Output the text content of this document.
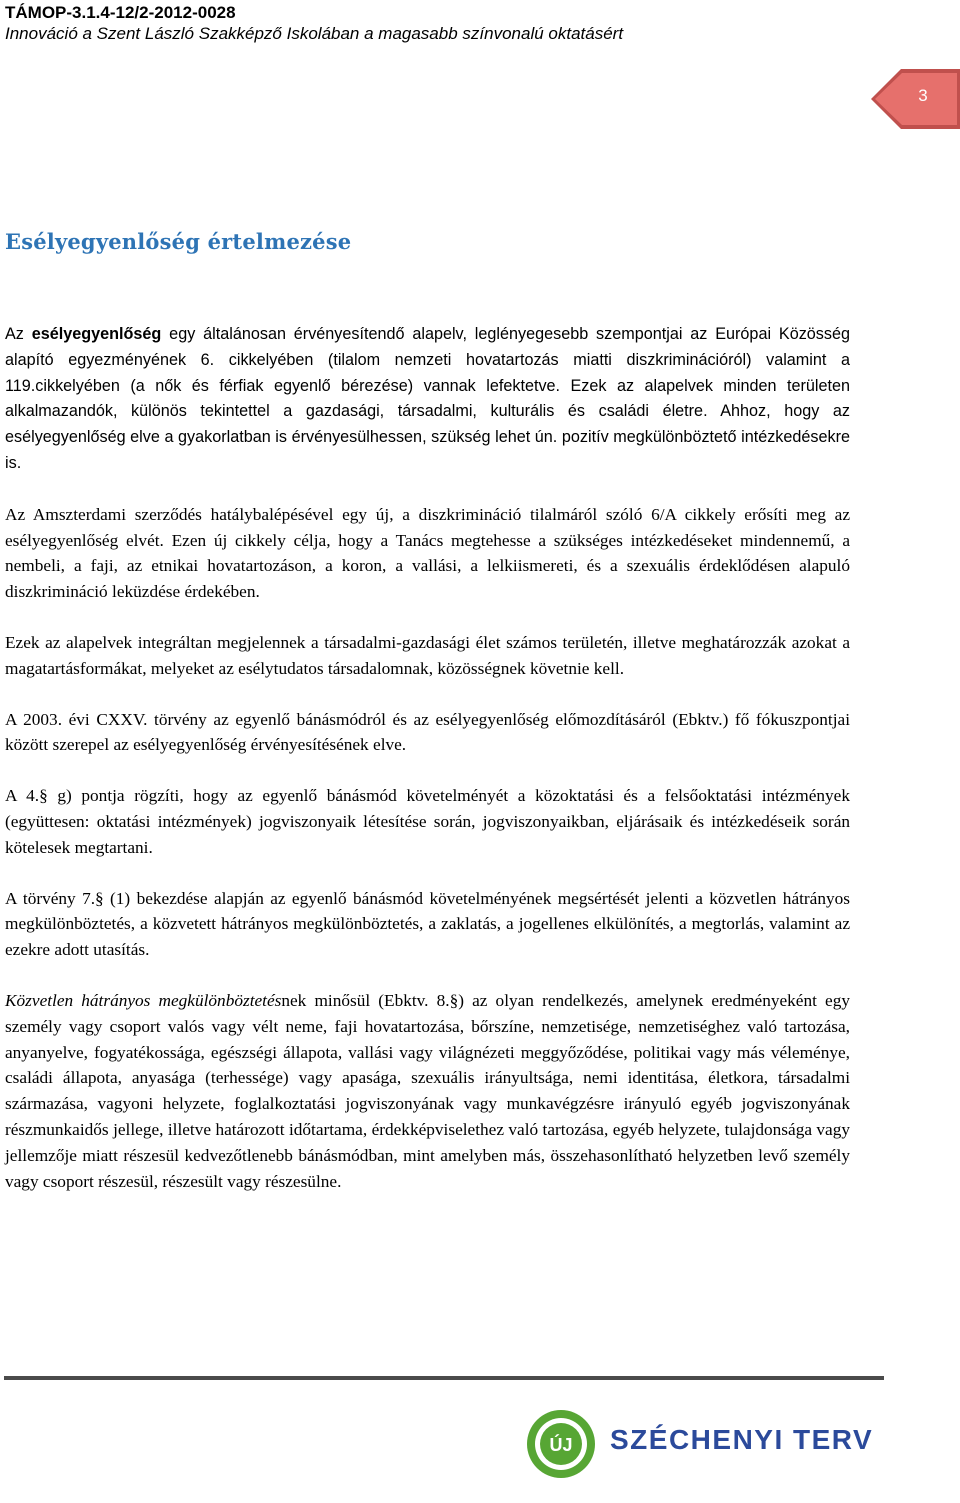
TÁMOP-3.1.4-12/2-2012-0028
Innováció a Szent László Szakképző Iskolában a magasabb színvonalú oktatásért
3
Esélyegyenlőség értelmezése

Az esélyegyenlőség egy általánosan érvényesítendő alapelv, leglényegesebb szempontjai az Európai Közösség alapító egyezményének 6. cikkelyében (tilalom nemzeti hovatartozás miatti diszkriminációról) valamint a 119.cikkelyében (a nők és férfiak egyenlő bérezése) vannak lefektetve. Ezek az alapelvek minden területen alkalmazandók, különös tekintettel a gazdasági, társadalmi, kulturális és családi életre. Ahhoz, hogy az esélyegyenlőség elve a gyakorlatban is érvényesülhessen, szükség lehet ún. pozitív megkülönböztető intézkedésekre is.

Az Amszterdami szerződés hatálybalépésével egy új, a diszkrimináció tilalmáról szóló 6/A cikkely erősíti meg az esélyegyenlőség elvét. Ezen új cikkely célja, hogy a Tanács megtehesse a szükséges intézkedéseket mindennemű, a nembeli, a faji, az etnikai hovatartozáson, a koron, a vallási, a lelkiismereti, és a szexuális érdeklődésen alapuló diszkrimináció leküzdése érdekében.

Ezek az alapelvek integráltan megjelennek a társadalmi-gazdasági élet számos területén, illetve meghatározzák azokat a magatartásformákat, melyeket az esélytudatos társadalomnak, közösségnek követnie kell.

A 2003. évi CXXV. törvény az egyenlő bánásmódról és az esélyegyenlőség előmozdításáról (Ebktv.) fő fókuszpontjai között szerepel az esélyegyenlőség érvényesítésének elve.

A 4.§ g) pontja rögzíti, hogy az egyenlő bánásmód követelményét a közoktatási és a felsőoktatási intézmények (együttesen: oktatási intézmények) jogviszonyaik létesítése során, jogviszonyaikban, eljárásaik és intézkedéseik során kötelesek megtartani.

A törvény 7.§ (1) bekezdése alapján az egyenlő bánásmód követelményének megsértését jelenti a közvetlen hátrányos megkülönböztetés, a közvetett hátrányos megkülönböztetés, a zaklatás, a jogellenes elkülönítés, a megtorlás, valamint az ezekre adott utasítás.

Közvetlen hátrányos megkülönböztetésnek minősül (Ebktv. 8.§) az olyan rendelkezés, amelynek eredményeként egy személy vagy csoport valós vagy vélt neme, faji hovatartozása, bőrszíne, nemzetisége, nemzetiséghez való tartozása, anyanyelve, fogyatékossága, egészségi állapota, vallási vagy világnézeti meggyőződése, politikai vagy más véleménye, családi állapota, anyasága (terhessége) vagy apasága, szexuális irányultsága, nemi identitása, életkora, társadalmi származása, vagyoni helyzete, foglalkoztatási jogviszonyának vagy munkavégzésre irányuló egyéb jogviszonyának részmunkaidős jellege, illetve határozott időtartama, érdekképviselethez való tartozása, egyéb helyzete, tulajdonsága vagy jellemzője miatt részesül kedvezőtlenebb bánásmódban, mint amelyben más, összehasonlítható helyzetben levő személy vagy csoport részesül, részesült vagy részesülne.

ÚJ SZÉCHENYI TERV
